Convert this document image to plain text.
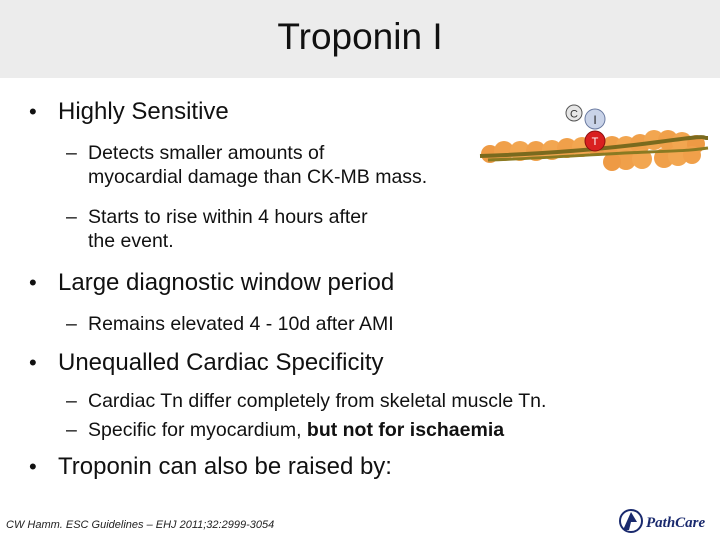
Troponin I
• Highly Sensitive
– Detects smaller amounts of
myocardial damage than CK-MB mass.
– Starts to rise within 4 hours after
the event.
• Large diagnostic window period
– Remains elevated 4 - 10d after AMI
• Unequalled Cardiac Specificity
– Cardiac Tn differ completely from skeletal muscle Tn.
– Specific for myocardium, but not for ischaemia
• Troponin can also be raised by:
C I
T
CW Hamm. ESC Guidelines – EHJ 2011;32:2999-3054	PathCare
